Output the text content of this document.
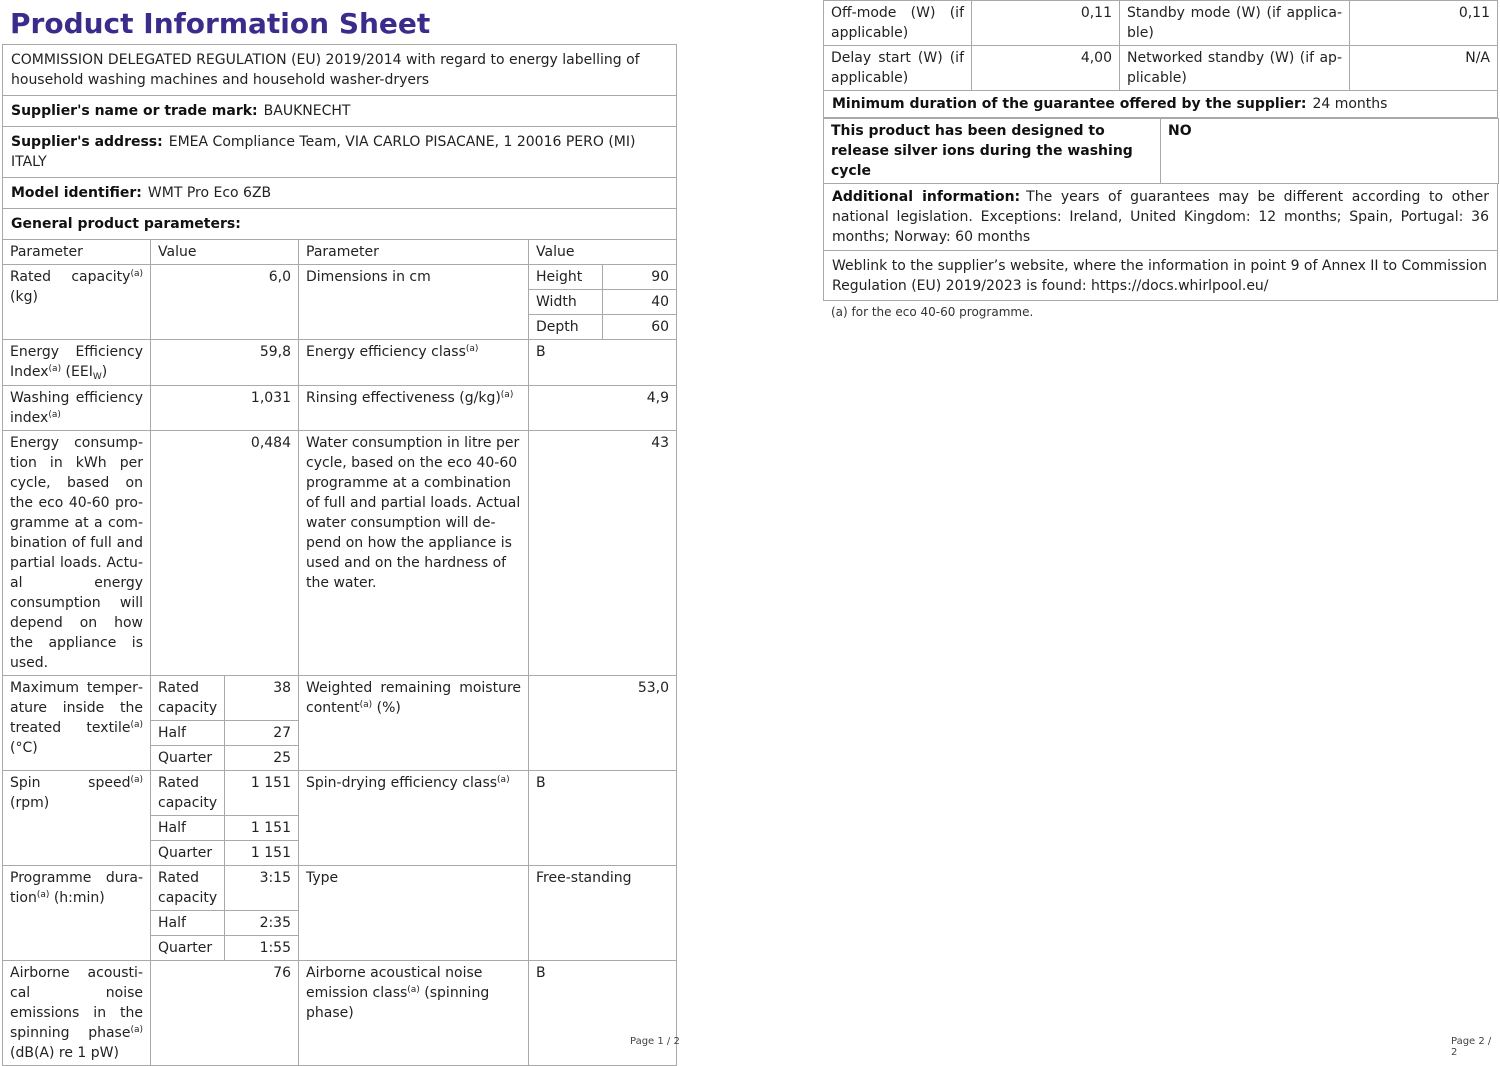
Product Information Sheet
COMMISSION DELEGATED REGULATION (EU) 2019/2014 with regard to energy labelling of household washing machines and household washer-dryers
Supplier's name or trade mark: BAUKNECHT
Supplier's address: EMEA Compliance Team, VIA CARLO PISACANE, 1 20016 PERO (MI) ITALY
Model identifier: WMT Pro Eco 6ZB
General product parameters:
Parameter	Value		Parameter	Value	
Rated capacity$^{(a)}$ (kg)	6,0		Dimensions in cm	Height	90
				Width	40
				Depth	60
Energy Efficiency Index$^{(a)}$ $(EEI_W)$	59,8		Energy efficiency class$^{(a)}$	B	
Washing efficiency index$^{(a)}$	1,031		Rinsing effectiveness $(g/kg)^{(a)}$	4,9	
Energy consumption in kWh per cycle, based on the eco 40-60 programme at a combination of full and partial loads. Actual energy consumption will depend on how the appliance is used.	0,484		Water consumption in litre per cycle, based on the eco 40-60 programme at a combination of full and partial loads. Actual water consumption will depend on how the appliance is used and on the hardness of the water.	43	
Maximum temperature inside the treated textile$^{(a)}$ (°C)	Rated capacity	38	Weighted remaining moisture content$^{(a)}$ (%)	53,0	
	Half	27			
	Quarter	25			
Spin speed$^{(a)}$ (rpm)	Rated capacity	1 151	Spin-drying efficiency class$^{(a)}$	B	
	Half	1 151			
	Quarter	1 151			
Programme duration$^{(a)}$ (h:min)	Rated capacity	3:15	Type	Free-standing	
	Half	2:35			
	Quarter	1:55			
Airborne acoustical noise emissions in the spinning phase$^{(a)}$ (dB(A) re 1 pW)	76		Airborne acoustical noise emission class$^{(a)}$ (spinning phase)	B	
Page 1 / 2
Off-mode (W) (if applicable)	0,11	Standby mode (W) (if applicable)	0,11
Delay start (W) (if applicable)	4,00	Networked standby (W) (if applicable)	N/A
Minimum duration of the guarantee offered by the supplier: 24 months
This product has been designed to release silver ions during the washing cycle	NO
Additional information: The years of guarantees may be different according to other national legislation. Exceptions: Ireland, United Kingdom: 12 months; Spain, Portugal: 36 months; Norway: 60 months
Weblink to the supplier’s website, where the information in point 9 of Annex II to Commission Regulation (EU) 2019/2023 is found: https://docs.whirlpool.eu/
(a) for the eco 40-60 programme.
Page 2 / 2
